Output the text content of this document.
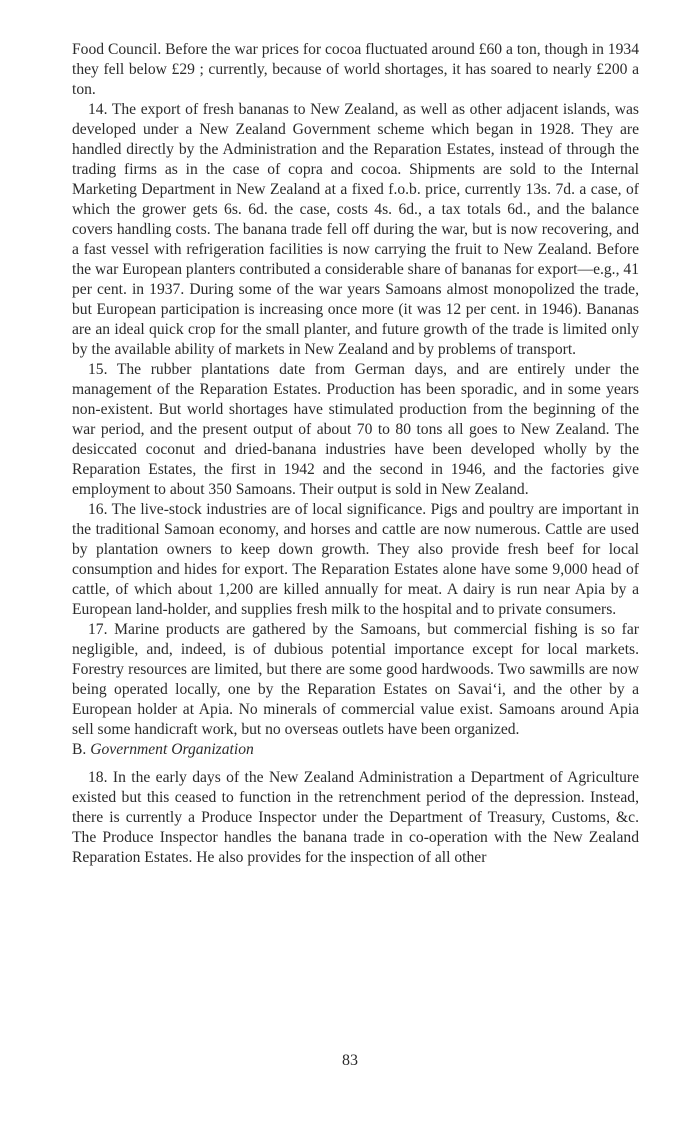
Food Council. Before the war prices for cocoa fluctuated around £60 a ton, though in 1934 they fell below £29 ; currently, because of world shortages, it has soared to nearly £200 a ton.

14. The export of fresh bananas to New Zealand, as well as other adjacent islands, was developed under a New Zealand Government scheme which began in 1928. They are handled directly by the Administration and the Reparation Estates, instead of through the trading firms as in the case of copra and cocoa. Shipments are sold to the Internal Marketing Department in New Zealand at a fixed f.o.b. price, currently 13s. 7d. a case, of which the grower gets 6s. 6d. the case, costs 4s. 6d., a tax totals 6d., and the balance covers handling costs. The banana trade fell off during the war, but is now recovering, and a fast vessel with refrigeration facilities is now carrying the fruit to New Zealand. Before the war European planters contributed a considerable share of bananas for export—e.g., 41 per cent. in 1937. During some of the war years Samoans almost monopolized the trade, but European participation is increasing once more (it was 12 per cent. in 1946). Bananas are an ideal quick crop for the small planter, and future growth of the trade is limited only by the available ability of markets in New Zealand and by problems of transport.

15. The rubber plantations date from German days, and are entirely under the management of the Reparation Estates. Production has been sporadic, and in some years non-existent. But world shortages have stimulated production from the beginning of the war period, and the present output of about 70 to 80 tons all goes to New Zealand. The desiccated coconut and dried-banana industries have been developed wholly by the Reparation Estates, the first in 1942 and the second in 1946, and the factories give employment to about 350 Samoans. Their output is sold in New Zealand.

16. The live-stock industries are of local significance. Pigs and poultry are important in the traditional Samoan economy, and horses and cattle are now numerous. Cattle are used by plantation owners to keep down growth. They also provide fresh beef for local consumption and hides for export. The Reparation Estates alone have some 9,000 head of cattle, of which about 1,200 are killed annually for meat. A dairy is run near Apia by a European land-holder, and supplies fresh milk to the hospital and to private consumers.

17. Marine products are gathered by the Samoans, but commercial fishing is so far negligible, and, indeed, is of dubious potential importance except for local markets. Forestry resources are limited, but there are some good hardwoods. Two sawmills are now being operated locally, one by the Reparation Estates on Savai‘i, and the other by a European holder at Apia. No minerals of commercial value exist. Samoans around Apia sell some handicraft work, but no overseas outlets have been organized.

B. Government Organization

18. In the early days of the New Zealand Administration a Department of Agriculture existed but this ceased to function in the retrenchment period of the depression. Instead, there is currently a Produce Inspector under the Department of Treasury, Customs, &c. The Produce Inspector handles the banana trade in co-operation with the New Zealand Reparation Estates. He also provides for the inspection of all other

83
